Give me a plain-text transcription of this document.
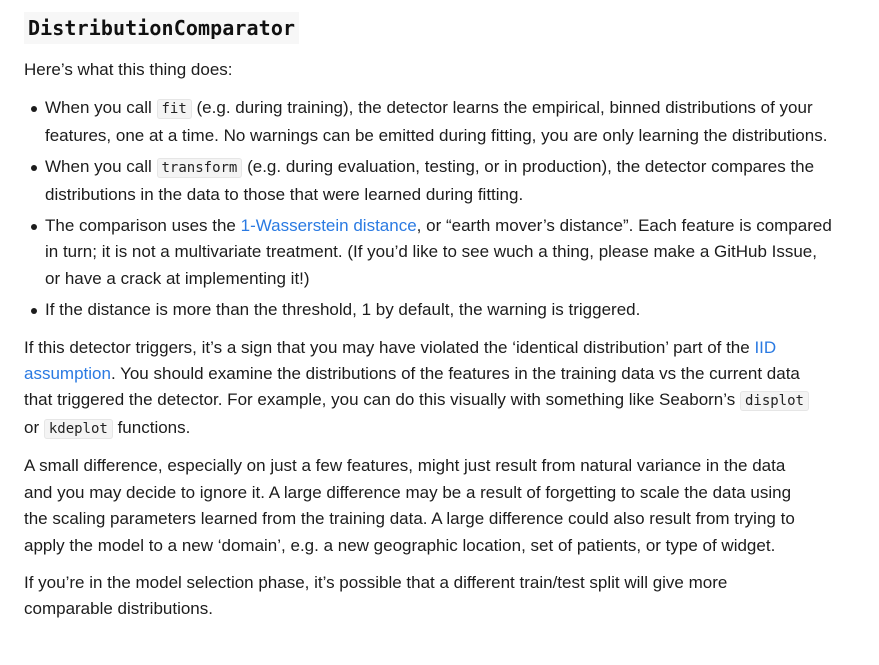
DistributionComparator

Here’s what this thing does:

When you call fit (e.g. during training), the detector learns the empirical, binned distributions of your features, one at a time. No warnings can be emitted during fitting, you are only learning the distributions.
When you call transform (e.g. during evaluation, testing, or in production), the detector compares the distributions in the data to those that were learned during fitting.
The comparison uses the 1-Wasserstein distance, or “earth mover’s distance”. Each feature is compared in turn; it is not a multivariate treatment. (If you’d like to see wuch a thing, please make a GitHub Issue, or have a crack at implementing it!)
If the distance is more than the threshold, 1 by default, the warning is triggered.

If this detector triggers, it’s a sign that you may have violated the ‘identical distribution’ part of the IID assumption. You should examine the distributions of the features in the training data vs the current data that triggered the detector. For example, you can do this visually with something like Seaborn’s displot or kdeplot functions.

A small difference, especially on just a few features, might just result from natural variance in the data and you may decide to ignore it. A large difference may be a result of forgetting to scale the data using the scaling parameters learned from the training data. A large difference could also result from trying to apply the model to a new ‘domain’, e.g. a new geographic location, set of patients, or type of widget.

If you’re in the model selection phase, it’s possible that a different train/test split will give more comparable distributions.
